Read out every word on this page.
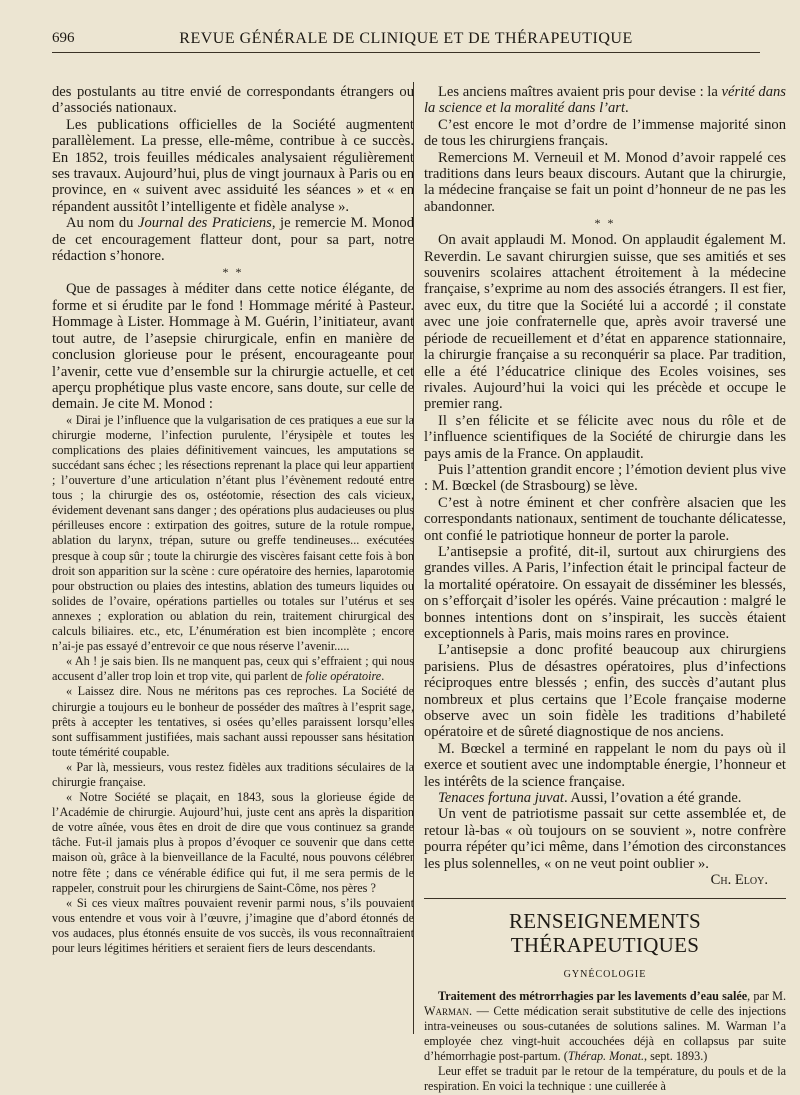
696	REVUE GÉNÉRALE DE CLINIQUE ET DE THÉRAPEUTIQUE

des postulants au titre envié de correspondants étrangers ou d’associés nationaux.

Les publications officielles de la Société augmentent parallèlement. La presse, elle-même, contribue à ce succès. En 1852, trois feuilles médicales analysaient régulièrement ses travaux. Aujourd’hui, plus de vingt journaux à Paris ou en province, en « suivent avec assiduité les séances » et « en répandent aussitôt l’intelligente et fidèle analyse ».

Au nom du Journal des Praticiens, je remercie M. Monod de cet encouragement flatteur dont, pour sa part, notre rédaction s’honore.

* *

Que de passages à méditer dans cette notice élégante, de forme et si érudite par le fond ! Hommage mérité à Pasteur. Hommage à Lister. Hommage à M. Guérin, l’initiateur, avant tout autre, de l’asepsie chirurgicale, enfin en manière de conclusion glorieuse pour le présent, encourageante pour l’avenir, cette vue d’ensemble sur la chirurgie actuelle, et cet aperçu prophétique plus vaste encore, sans doute, sur celle de demain. Je cite M. Monod :

« Dirai je l’influence que la vulgarisation de ces pratiques a eue sur la chirurgie moderne, l’infection purulente, l’érysipèle et toutes les complications des plaies définitivement vaincues, les amputations se succédant sans échec ; les résections reprenant la place qui leur appartient ; l’ouverture d’une articulation n’étant plus l’évènement redouté entre tous ; la chirurgie des os, ostéotomie, résection des cals vicieux, évidement devenant sans danger ; des opérations plus audacieuses ou plus périlleuses encore : extirpation des goitres, suture de la rotule rompue, ablation du larynx, trépan, suture ou greffe tendineuses... exécutées presque à coup sûr ; toute la chirurgie des viscères faisant cette fois à bon droit son apparition sur la scène : cure opératoire des hernies, laparotomie pour obstruction ou plaies des intestins, ablation des tumeurs liquides ou solides de l’ovaire, opérations partielles ou totales sur l’utérus et ses annexes ; exploration ou ablation du rein, traitement chirurgical des calculs biliaires. etc., etc, L’énumération est bien incomplète ; encore n’ai-je pas essayé d’entrevoir ce que nous réserve l’avenir.....

« Ah ! je sais bien. Ils ne manquent pas, ceux qui s’effraient ; qui nous accusent d’aller trop loin et trop vite, qui parlent de folie opératoire.

« Laissez dire. Nous ne méritons pas ces reproches. La Société de chirurgie a toujours eu le bonheur de posséder des maîtres à l’esprit sage, prêts à accepter les tentatives, si osées qu’elles paraissent lorsqu’elles sont suffisamment justifiées, mais sachant aussi repousser sans hésitation toute témérité coupable.

« Par là, messieurs, vous restez fidèles aux traditions séculaires de la chirurgie française.

« Notre Société se plaçait, en 1843, sous la glorieuse égide de l’Académie de chirurgie. Aujourd’hui, juste cent ans après la disparition de votre aînée, vous êtes en droit de dire que vous continuez sa grande tâche. Fut-il jamais plus à propos d’évoquer ce souvenir que dans cette maison où, grâce à la bienveillance de la Faculté, nous pouvons célébrer notre fête ; dans ce vénérable édifice qui fut, il me sera permis de le rappeler, construit pour les chirurgiens de Saint-Côme, nos pères ?

« Si ces vieux maîtres pouvaient revenir parmi nous, s’ils pouvaient vous entendre et vous voir à l’œuvre, j’imagine que d’abord étonnés de vos audaces, plus étonnés ensuite de vos succès, ils vous reconnaîtraient pour leurs légitimes héritiers et seraient fiers de leurs descendants.

Les anciens maîtres avaient pris pour devise : la vérité dans la science et la moralité dans l’art.

C’est encore le mot d’ordre de l’immense majorité sinon de tous les chirurgiens français.

Remercions M. Verneuil et M. Monod d’avoir rappelé ces traditions dans leurs beaux discours. Autant que la chirurgie, la médecine française se fait un point d’honneur de ne pas les abandonner.

* *

On avait applaudi M. Monod. On applaudit également M. Reverdin. Le savant chirurgien suisse, que ses amitiés et ses souvenirs scolaires attachent étroitement à la médecine française, s’exprime au nom des associés étrangers. Il est fier, avec eux, du titre que la Société lui a accordé ; il constate avec une joie confraternelle que, après avoir traversé une période de recueillement et d’état en apparence stationnaire, la chirurgie française a su reconquérir sa place. Par tradition, elle a été l’éducatrice clinique des Ecoles voisines, ses rivales. Aujourd’hui la voici qui les précède et occupe le premier rang.

Il s’en félicite et se félicite avec nous du rôle et de l’influence scientifiques de la Société de chirurgie dans les pays amis de la France. On applaudit.

Puis l’attention grandit encore ; l’émotion devient plus vive : M. Bœckel (de Strasbourg) se lève.

C’est à notre éminent et cher confrère alsacien que les correspondants nationaux, sentiment de touchante délicatesse, ont confié le patriotique honneur de porter la parole.

L’antisepsie a profité, dit-il, surtout aux chirurgiens des grandes villes. A Paris, l’infection était le principal facteur de la mortalité opératoire. On essayait de disséminer les blessés, on s’efforçait d’isoler les opérés. Vaine précaution : malgré le bonnes intentions dont on s’inspirait, les succès étaient exceptionnels à Paris, mais moins rares en province.

L’antisepsie a donc profité beaucoup aux chirurgiens parisiens. Plus de désastres opératoires, plus d’infections réciproques entre blessés ; enfin, des succès d’autant plus nombreux et plus certains que l’Ecole française moderne observe avec un soin fidèle les traditions d’habileté opératoire et de sûreté diagnostique de nos anciens.

M. Bœckel a terminé en rappelant le nom du pays où il exerce et soutient avec une indomptable énergie, l’honneur et les intérêts de la science française.

Tenaces fortuna juvat. Aussi, l’ovation a été grande.

Un vent de patriotisme passait sur cette assemblée et, de retour là-bas « où toujours on se souvient », notre confrère pourra répéter qu’ici même, dans l’émotion des circonstances les plus solennelles, « on ne veut point oublier ».

Ch. Eloy.

RENSEIGNEMENTS THÉRAPEUTIQUES
GYNÉCOLOGIE

Traitement des métrorrhagies par les lavements d’eau salée, par M. Warman. — Cette médication serait substitutive de celle des injections intra-veineuses ou sous-cutanées de solutions salines. M. Warman l’a employée chez vingt-huit accouchées déjà en collapsus par suite d’hémorrhagie post-partum. (Thérap. Monat., sept. 1893.)

Leur effet se traduit par le retour de la température, du pouls et de la respiration. En voici la technique : une cuillerée à
